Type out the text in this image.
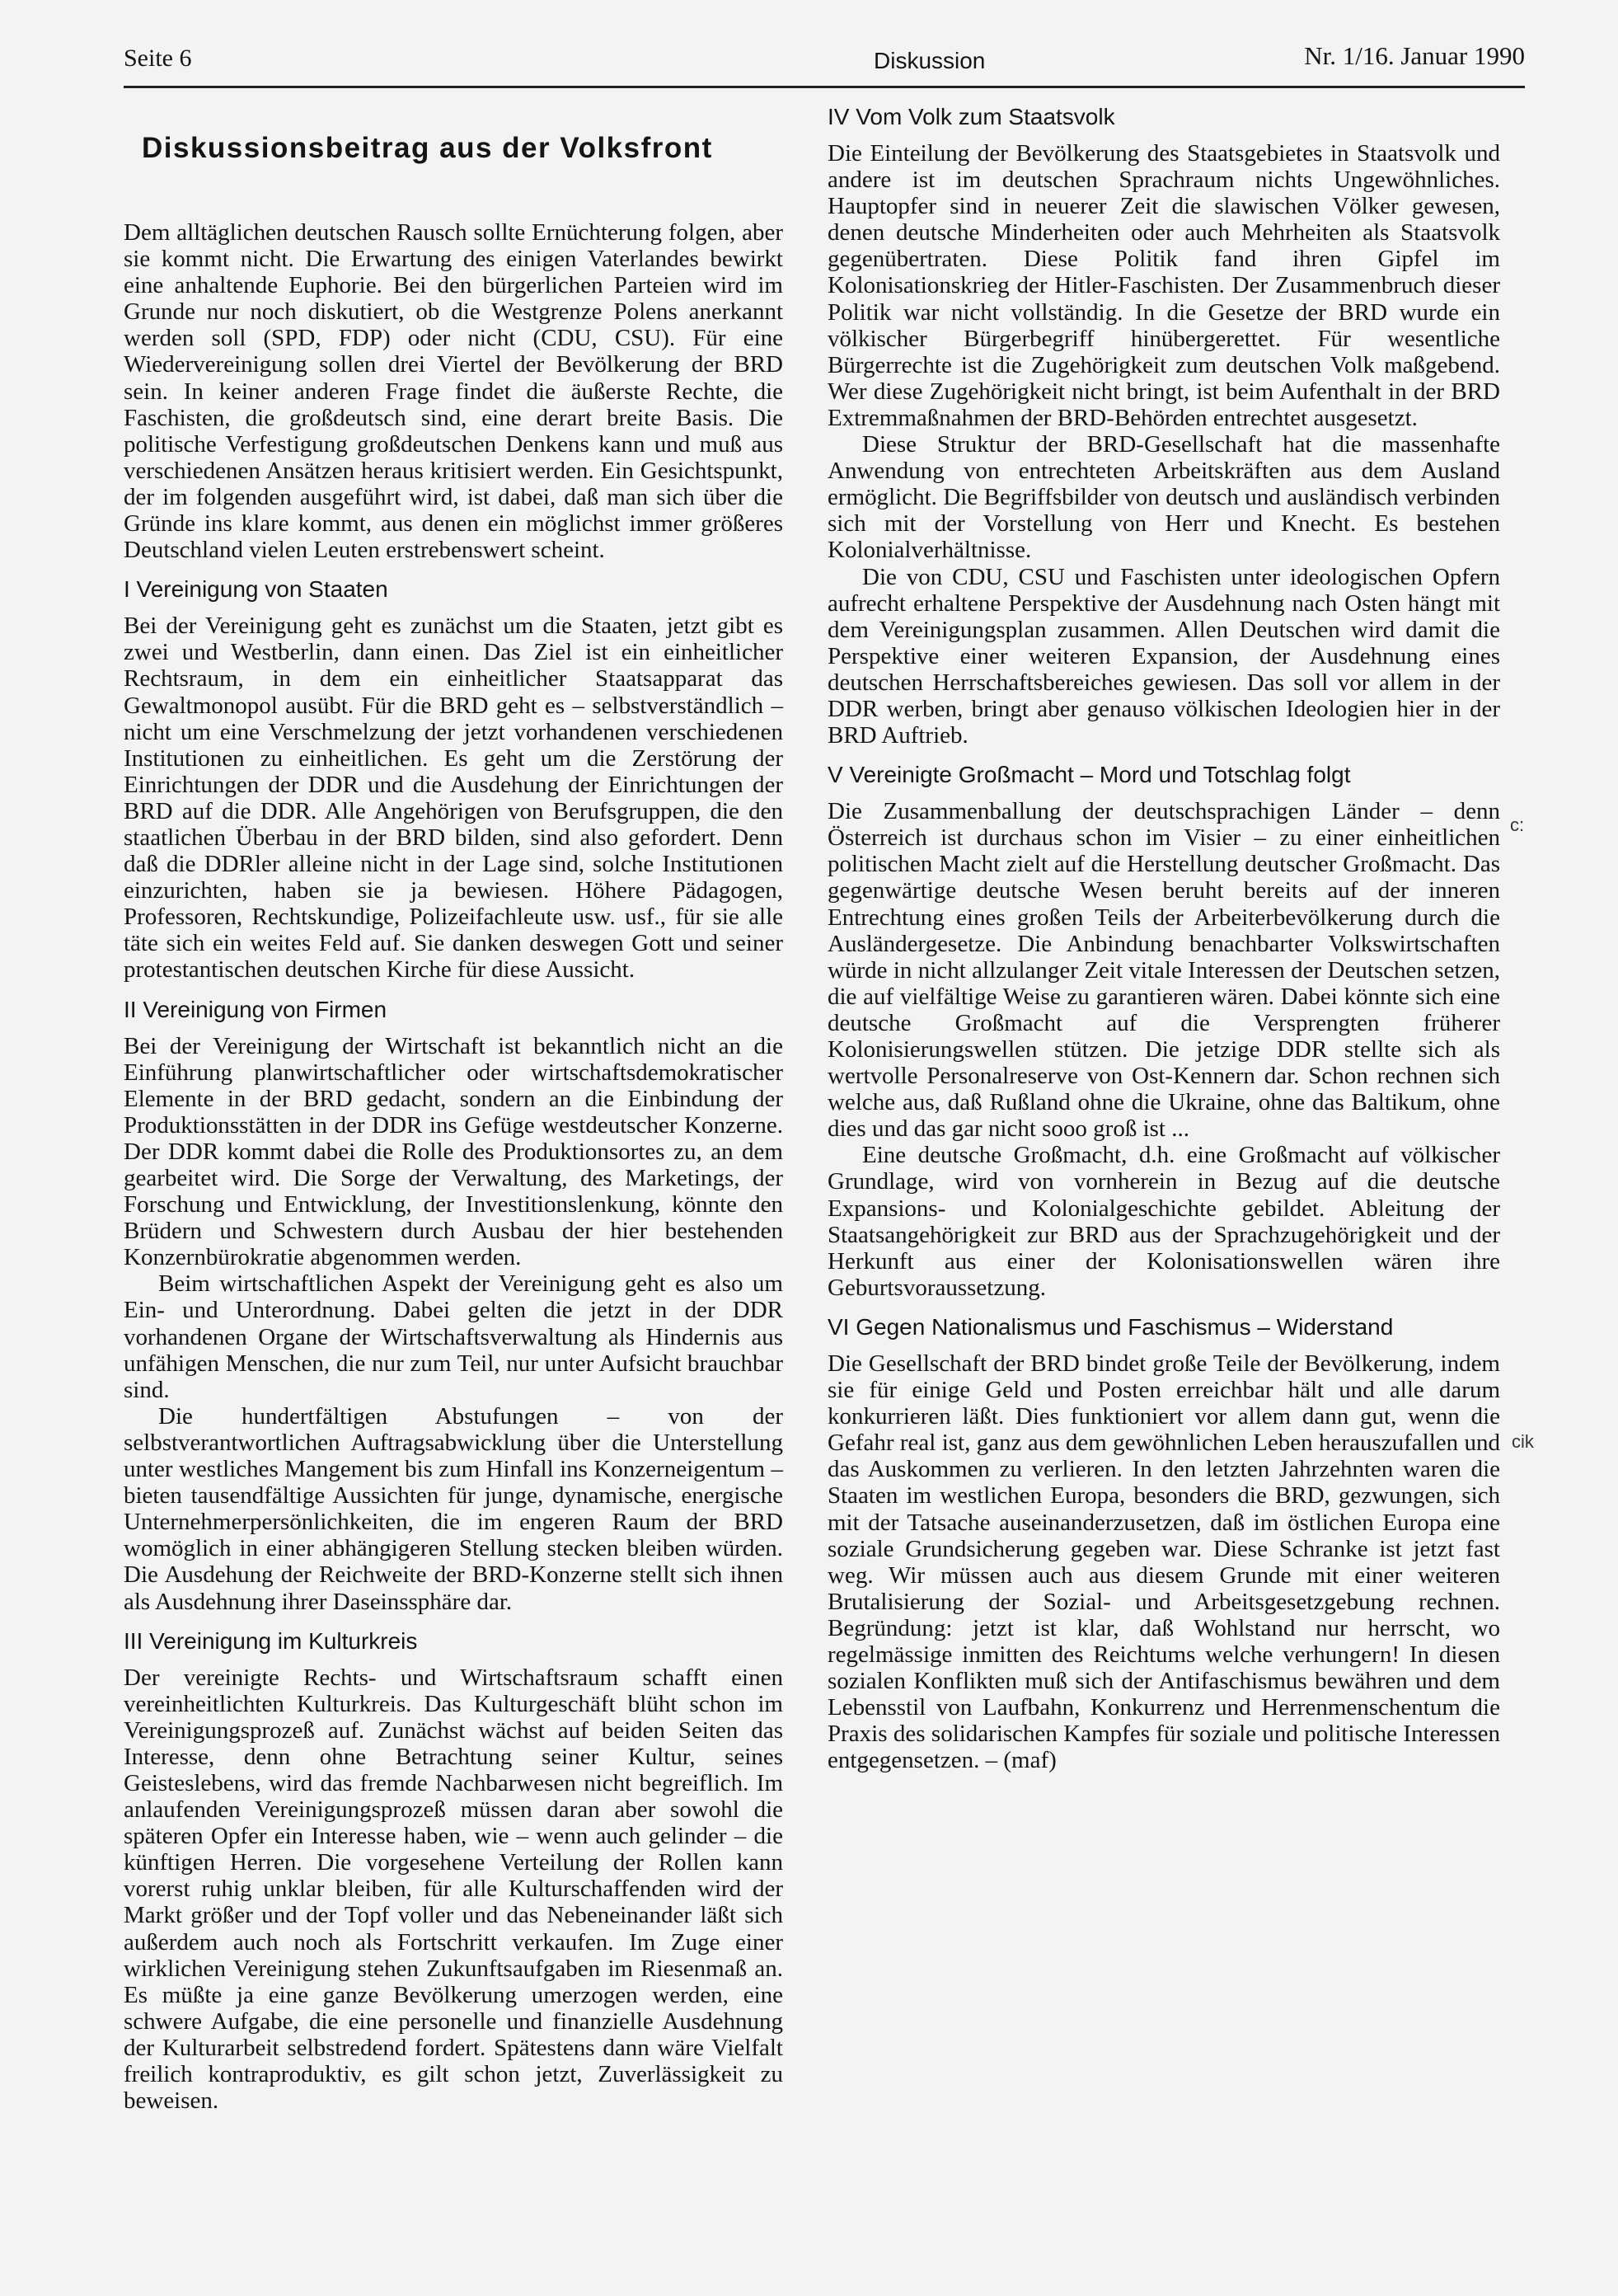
Seite 6	Diskussion	Nr. 1/16. Januar 1990
Diskussionsbeitrag aus der Volksfront

Dem alltäglichen deutschen Rausch sollte Ernüchterung folgen, aber sie kommt nicht. Die Erwartung des einigen Vaterlandes bewirkt eine anhaltende Euphorie. Bei den bürgerlichen Parteien wird im Grunde nur noch diskutiert, ob die Westgrenze Polens anerkannt werden soll (SPD, FDP) oder nicht (CDU, CSU). Für eine Wiedervereinigung sollen drei Viertel der Bevölkerung der BRD sein. In keiner anderen Frage findet die äußerste Rechte, die Faschisten, die großdeutsch sind, eine derart breite Basis. Die politische Verfestigung großdeutschen Denkens kann und muß aus verschiedenen Ansätzen heraus kritisiert werden. Ein Gesichtspunkt, der im folgenden ausgeführt wird, ist dabei, daß man sich über die Gründe ins klare kommt, aus denen ein möglichst immer größeres Deutschland vielen Leuten erstrebenswert scheint.

I Vereinigung von Staaten

Bei der Vereinigung geht es zunächst um die Staaten, jetzt gibt es zwei und Westberlin, dann einen. Das Ziel ist ein einheitlicher Rechtsraum, in dem ein einheitlicher Staatsapparat das Gewaltmonopol ausübt. Für die BRD geht es – selbstverständlich – nicht um eine Verschmelzung der jetzt vorhandenen verschiedenen Institutionen zu einheitlichen. Es geht um die Zerstörung der Einrichtungen der DDR und die Ausdehung der Einrichtungen der BRD auf die DDR. Alle Angehörigen von Berufsgruppen, die den staatlichen Überbau in der BRD bilden, sind also gefordert. Denn daß die DDRler alleine nicht in der Lage sind, solche Institutionen einzurichten, haben sie ja bewiesen. Höhere Pädagogen, Professoren, Rechtskundige, Polizeifachleute usw. usf., für sie alle täte sich ein weites Feld auf. Sie danken deswegen Gott und seiner protestantischen deutschen Kirche für diese Aussicht.

II Vereinigung von Firmen

Bei der Vereinigung der Wirtschaft ist bekanntlich nicht an die Einführung planwirtschaftlicher oder wirtschaftsdemokratischer Elemente in der BRD gedacht, sondern an die Einbindung der Produktionsstätten in der DDR ins Gefüge westdeutscher Konzerne. Der DDR kommt dabei die Rolle des Produktionsortes zu, an dem gearbeitet wird. Die Sorge der Verwaltung, des Marketings, der Forschung und Entwicklung, der Investitionslenkung, könnte den Brüdern und Schwestern durch Ausbau der hier bestehenden Konzernbürokratie abgenommen werden.

Beim wirtschaftlichen Aspekt der Vereinigung geht es also um Ein- und Unterordnung. Dabei gelten die jetzt in der DDR vorhandenen Organe der Wirtschaftsverwaltung als Hindernis aus unfähigen Menschen, die nur zum Teil, nur unter Aufsicht brauchbar sind.

Die hundertfältigen Abstufungen – von der selbstverantwortlichen Auftragsabwicklung über die Unterstellung unter westliches Mangement bis zum Hinfall ins Konzerneigentum – bieten tausendfältige Aussichten für junge, dynamische, energische Unternehmerpersönlichkeiten, die im engeren Raum der BRD womöglich in einer abhängigeren Stellung stecken bleiben würden. Die Ausdehung der Reichweite der BRD-Konzerne stellt sich ihnen als Ausdehnung ihrer Daseinssphäre dar.

III Vereinigung im Kulturkreis

Der vereinigte Rechts- und Wirtschaftsraum schafft einen vereinheitlichten Kulturkreis. Das Kulturgeschäft blüht schon im Vereinigungsprozeß auf. Zunächst wächst auf beiden Seiten das Interesse, denn ohne Betrachtung seiner Kultur, seines Geisteslebens, wird das fremde Nachbarwesen nicht begreiflich. Im anlaufenden Vereinigungsprozeß müssen daran aber sowohl die späteren Opfer ein Interesse haben, wie – wenn auch gelinder – die künftigen Herren. Die vorgesehene Verteilung der Rollen kann vorerst ruhig unklar bleiben, für alle Kulturschaffenden wird der Markt größer und der Topf voller und das Nebeneinander läßt sich außerdem auch noch als Fortschritt verkaufen. Im Zuge einer wirklichen Vereinigung stehen Zukunftsaufgaben im Riesenmaß an. Es müßte ja eine ganze Bevölkerung umerzogen werden, eine schwere Aufgabe, die eine personelle und finanzielle Ausdehnung der Kulturarbeit selbstredend fordert. Spätestens dann wäre Vielfalt freilich kontraproduktiv, es gilt schon jetzt, Zuverlässigkeit zu beweisen.

IV Vom Volk zum Staatsvolk

Die Einteilung der Bevölkerung des Staatsgebietes in Staatsvolk und andere ist im deutschen Sprachraum nichts Ungewöhnliches. Hauptopfer sind in neuerer Zeit die slawischen Völker gewesen, denen deutsche Minderheiten oder auch Mehrheiten als Staatsvolk gegenübertraten. Diese Politik fand ihren Gipfel im Kolonisationskrieg der Hitler-Faschisten. Der Zusammenbruch dieser Politik war nicht vollständig. In die Gesetze der BRD wurde ein völkischer Bürgerbegriff hinübergerettet. Für wesentliche Bürgerrechte ist die Zugehörigkeit zum deutschen Volk maßgebend. Wer diese Zugehörigkeit nicht bringt, ist beim Aufenthalt in der BRD Extremmaßnahmen der BRD-Behörden entrechtet ausgesetzt.

Diese Struktur der BRD-Gesellschaft hat die massenhafte Anwendung von entrechteten Arbeitskräften aus dem Ausland ermöglicht. Die Begriffsbilder von deutsch und ausländisch verbinden sich mit der Vorstellung von Herr und Knecht. Es bestehen Kolonialverhältnisse.

Die von CDU, CSU und Faschisten unter ideologischen Opfern aufrecht erhaltene Perspektive der Ausdehnung nach Osten hängt mit dem Vereinigungsplan zusammen. Allen Deutschen wird damit die Perspektive einer weiteren Expansion, der Ausdehnung eines deutschen Herrschaftsbereiches gewiesen. Das soll vor allem in der DDR werben, bringt aber genauso völkischen Ideologien hier in der BRD Auftrieb.

V Vereinigte Großmacht – Mord und Totschlag folgt

Die Zusammenballung der deutschsprachigen Länder – denn Österreich ist durchaus schon im Visier – zu einer einheitlichen politischen Macht zielt auf die Herstellung deutscher Großmacht. Das gegenwärtige deutsche Wesen beruht bereits auf der inneren Entrechtung eines großen Teils der Arbeiterbevölkerung durch die Ausländergesetze. Die Anbindung benachbarter Volkswirtschaften würde in nicht allzulanger Zeit vitale Interessen der Deutschen setzen, die auf vielfältige Weise zu garantieren wären. Dabei könnte sich eine deutsche Großmacht auf die Versprengten früherer Kolonisierungswellen stützen. Die jetzige DDR stellte sich als wertvolle Personalreserve von Ost-Kennern dar. Schon rechnen sich welche aus, daß Rußland ohne die Ukraine, ohne das Baltikum, ohne dies und das gar nicht sooo groß ist ...

Eine deutsche Großmacht, d.h. eine Großmacht auf völkischer Grundlage, wird von vornherein in Bezug auf die deutsche Expansions- und Kolonialgeschichte gebildet. Ableitung der Staatsangehörigkeit zur BRD aus der Sprachzugehörigkeit und der Herkunft aus einer der Kolonisationswellen wären ihre Geburtsvoraussetzung.

VI Gegen Nationalismus und Faschismus – Widerstand

Die Gesellschaft der BRD bindet große Teile der Bevölkerung, indem sie für einige Geld und Posten erreichbar hält und alle darum konkurrieren läßt. Dies funktioniert vor allem dann gut, wenn die Gefahr real ist, ganz aus dem gewöhnlichen Leben herauszufallen und das Auskommen zu verlieren. In den letzten Jahrzehnten waren die Staaten im westlichen Europa, besonders die BRD, gezwungen, sich mit der Tatsache auseinanderzusetzen, daß im östlichen Europa eine soziale Grundsicherung gegeben war. Diese Schranke ist jetzt fast weg. Wir müssen auch aus diesem Grunde mit einer weiteren Brutalisierung der Sozial- und Arbeitsgesetzgebung rechnen. Begründung: jetzt ist klar, daß Wohlstand nur herrscht, wo regelmässige inmitten des Reichtums welche verhungern! In diesen sozialen Konflikten muß sich der Antifaschismus bewähren und dem Lebensstil von Laufbahn, Konkurrenz und Herrenmenschentum die Praxis des solidarischen Kampfes für soziale und politische Interessen entgegensetzen. – (maf)

c:
cik
